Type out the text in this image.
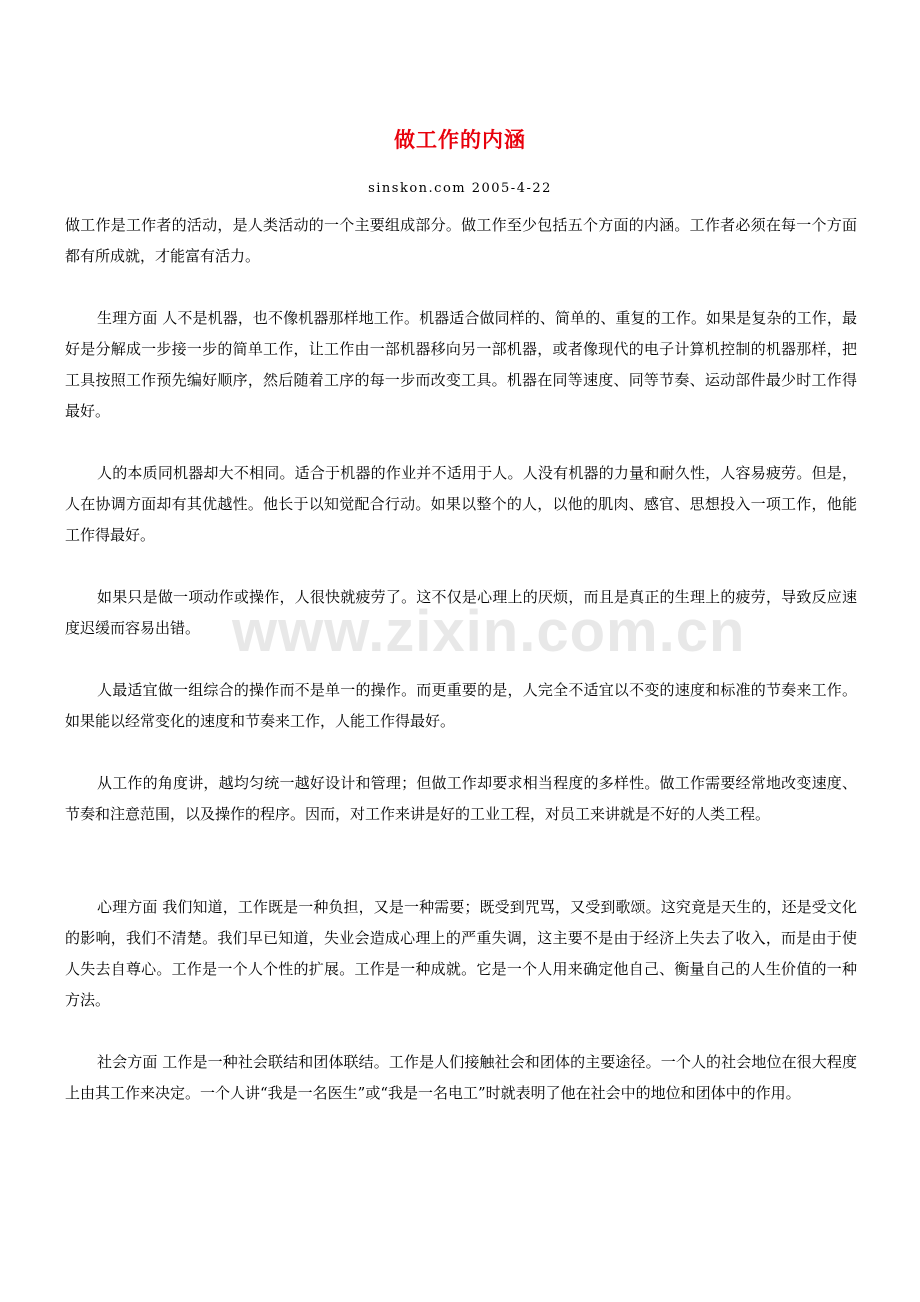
做工作的内涵
sinskon.com 2005-4-22

做工作是工作者的活动，是人类活动的一个主要组成部分。做工作至少包括五个方面的内涵。工作者必须在每一个方面都有所成就，才能富有活力。

生理方面 人不是机器，也不像机器那样地工作。机器适合做同样的、简单的、重复的工作。如果是复杂的工作，最好是分解成一步接一步的简单工作，让工作由一部机器移向另一部机器，或者像现代的电子计算机控制的机器那样，把工具按照工作预先编好顺序，然后随着工序的每一步而改变工具。机器在同等速度、同等节奏、运动部件最少时工作得最好。

人的本质同机器却大不相同。适合于机器的作业并不适用于人。人没有机器的力量和耐久性，人容易疲劳。但是，人在协调方面却有其优越性。他长于以知觉配合行动。如果以整个的人，以他的肌肉、感官、思想投入一项工作，他能工作得最好。

如果只是做一项动作或操作，人很快就疲劳了。这不仅是心理上的厌烦，而且是真正的生理上的疲劳，导致反应速度迟缓而容易出错。

人最适宜做一组综合的操作而不是单一的操作。而更重要的是，人完全不适宜以不变的速度和标准的节奏来工作。如果能以经常变化的速度和节奏来工作，人能工作得最好。

从工作的角度讲，越均匀统一越好设计和管理；但做工作却要求相当程度的多样性。做工作需要经常地改变速度、节奏和注意范围，以及操作的程序。因而，对工作来讲是好的工业工程，对员工来讲就是不好的人类工程。

心理方面 我们知道，工作既是一种负担，又是一种需要；既受到咒骂，又受到歌颂。这究竟是天生的，还是受文化的影响，我们不清楚。我们早已知道，失业会造成心理上的严重失调，这主要不是由于经济上失去了收入，而是由于使人失去自尊心。工作是一个人个性的扩展。工作是一种成就。它是一个人用来确定他自己、衡量自己的人生价值的一种方法。

社会方面 工作是一种社会联结和团体联结。工作是人们接触社会和团体的主要途径。一个人的社会地位在很大程度上由其工作来决定。一个人讲“我是一名医生”或“我是一名电工”时就表明了他在社会中的地位和团体中的作用。

www.zixin.com.cn
